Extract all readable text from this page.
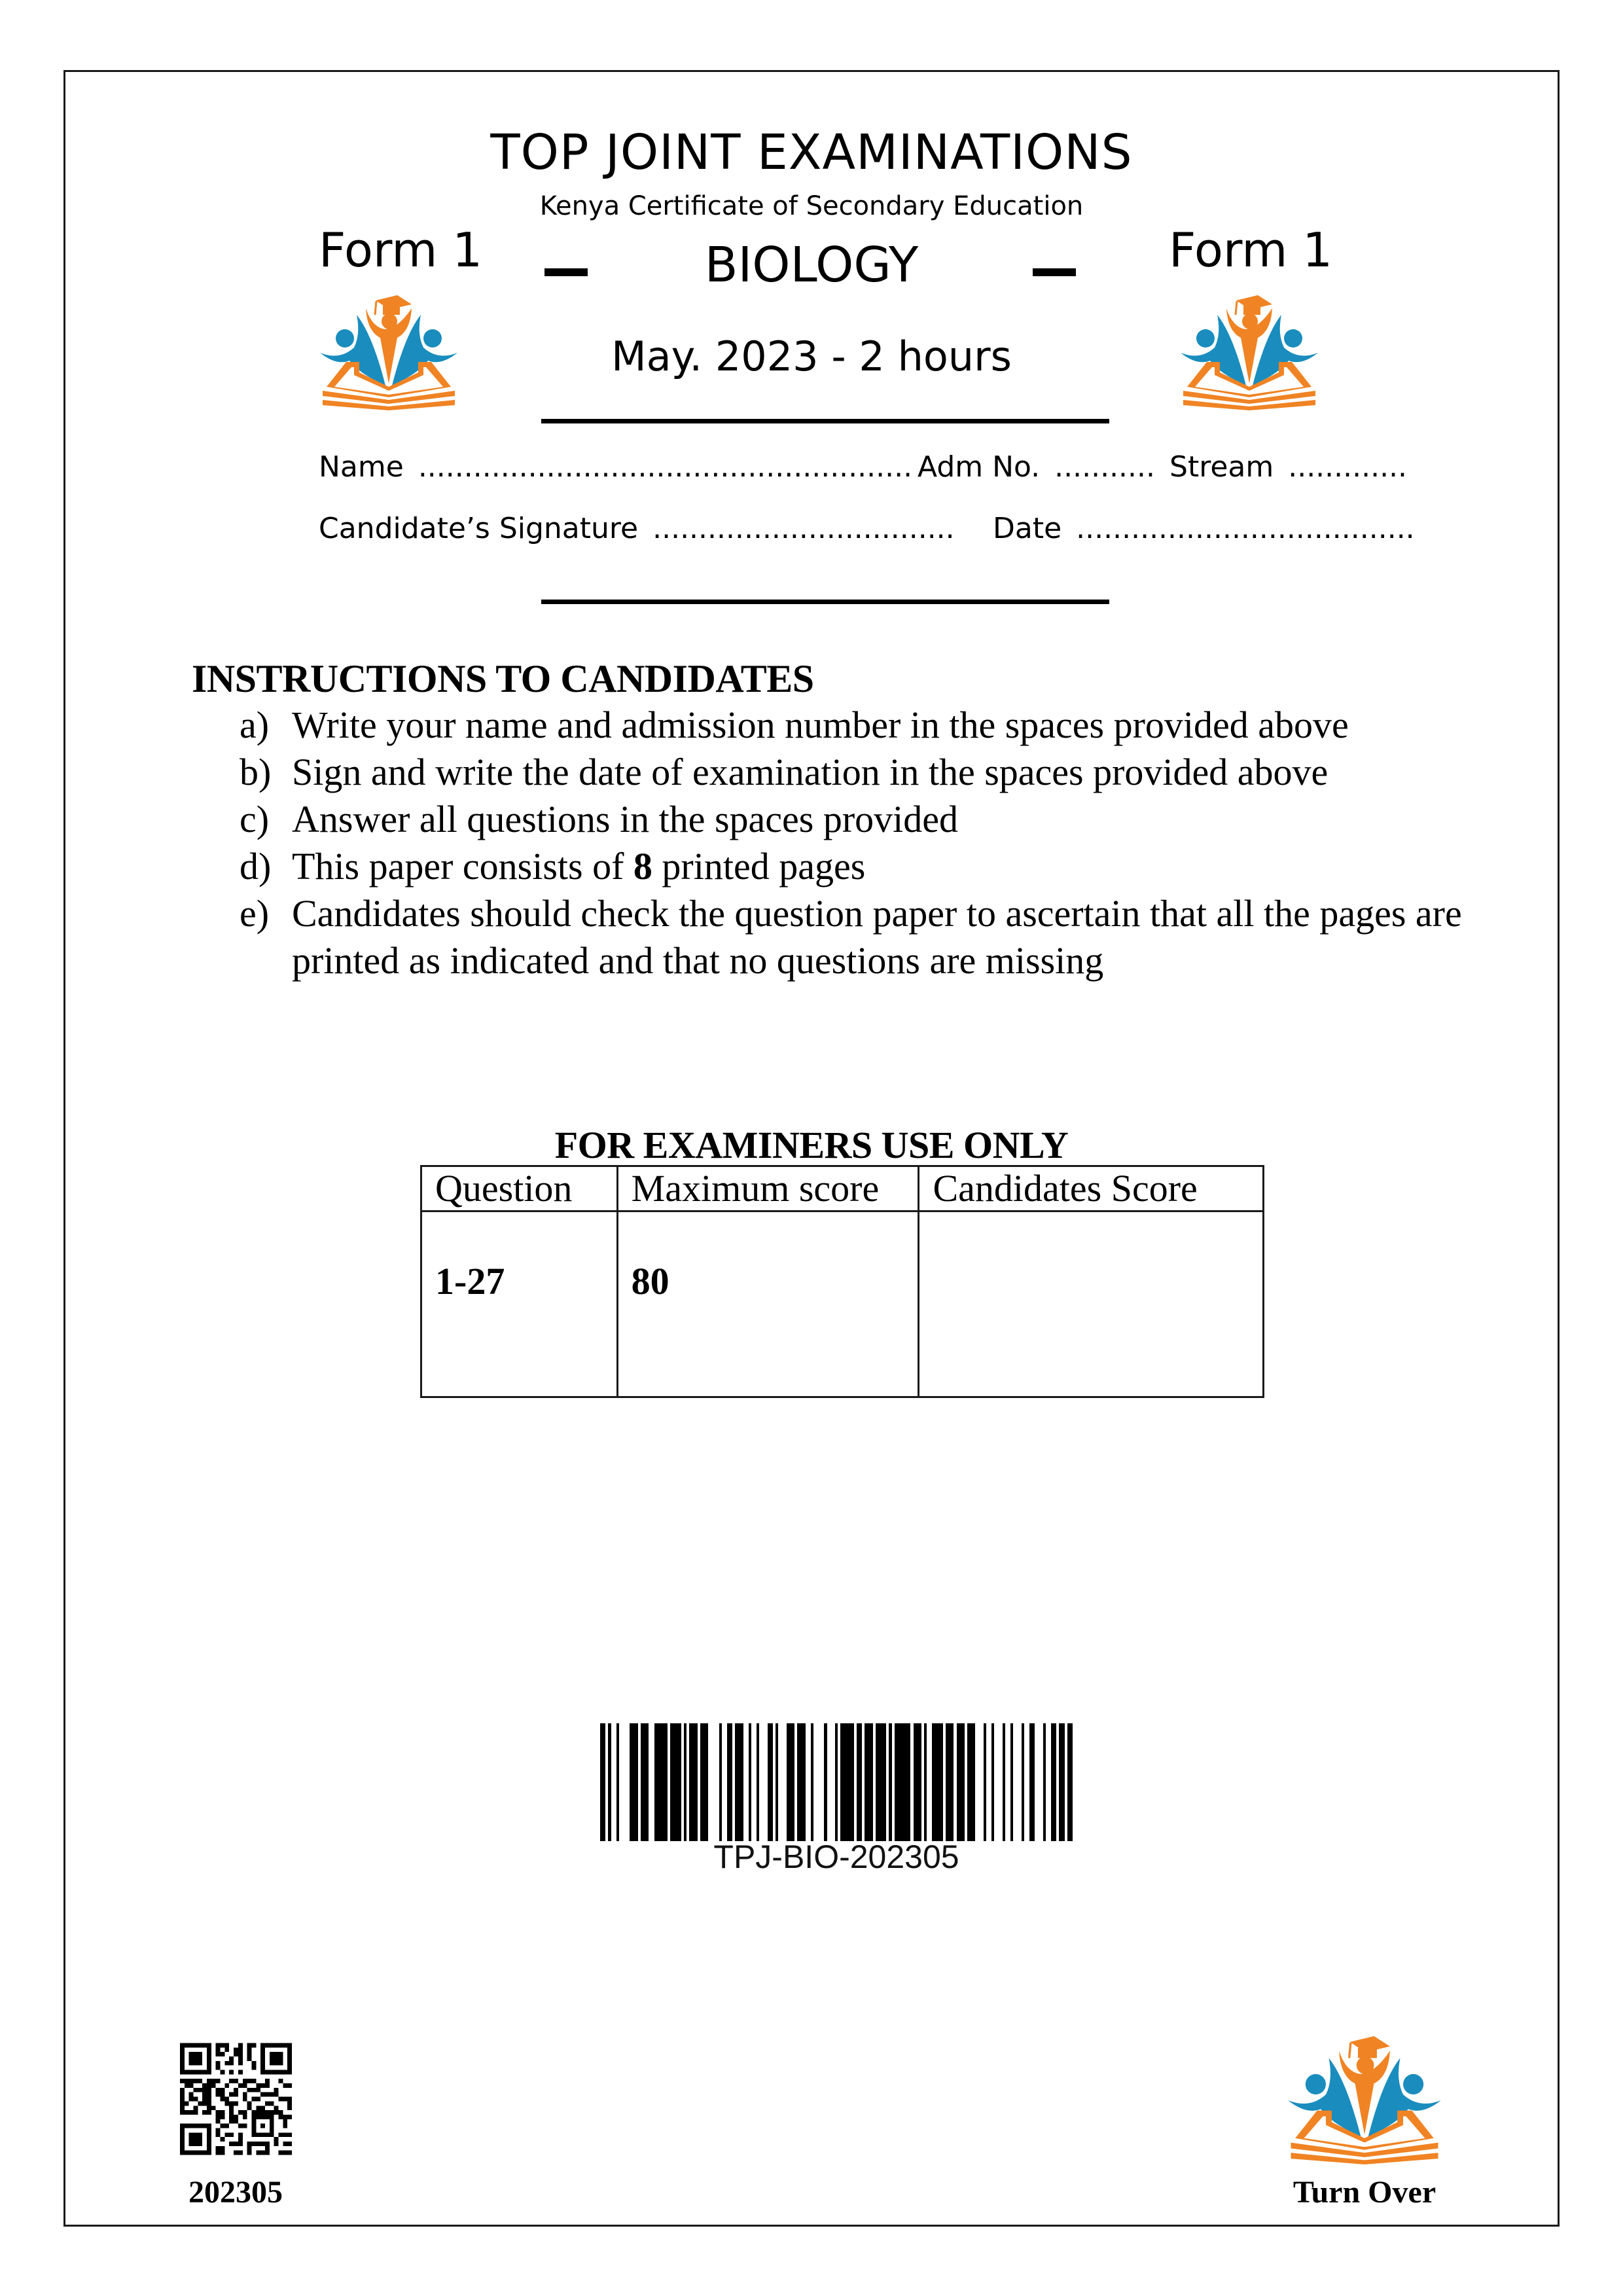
TOP JOINT EXAMINATIONS
Kenya Certificate of Secondary Education
Form 1	Form 1
BIOLOGY
May. 2023 - 2 hours
Name ...................................................... Adm No. ........... Stream .............
Candidate’s Signature ................................. Date .....................................
INSTRUCTIONS TO CANDIDATES
a) Write your name and admission number in the spaces provided above
b) Sign and write the date of examination in the spaces provided above
c) Answer all questions in the spaces provided
d) This paper consists of 8 printed pages
e) Candidates should check the question paper to ascertain that all the pages are
printed as indicated and that no questions are missing
FOR EXAMINERS USE ONLY
Question	Maximum score	Candidates Score
1-27	80	
TPJ-BIO-202305
202305	Turn Over
